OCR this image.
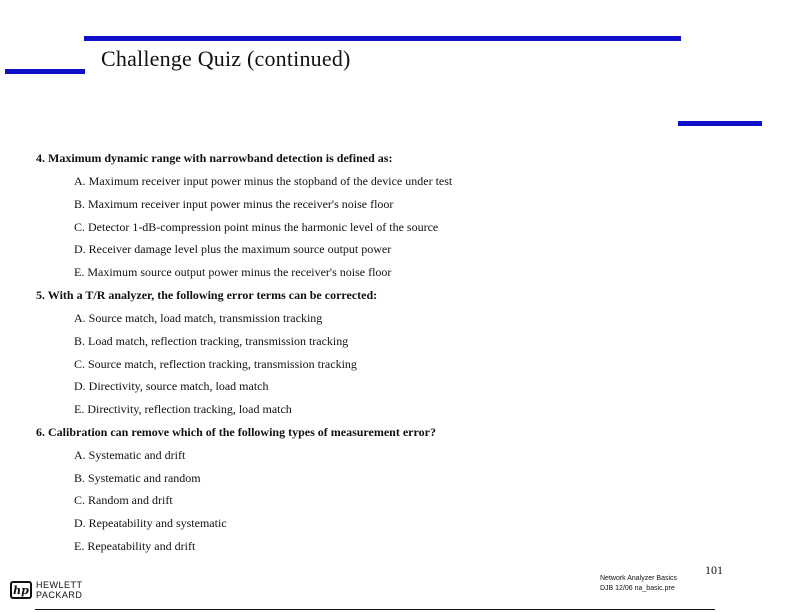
Challenge Quiz (continued)
4. Maximum dynamic range with narrowband detection is defined as:
A. Maximum receiver input power minus the stopband of the device under test
B. Maximum receiver input power minus the receiver's noise floor
C. Detector 1-dB-compression point minus the harmonic level of the source
D. Receiver damage level plus the maximum source output power
E. Maximum source output power minus the receiver's noise floor
5. With a T/R analyzer, the following error terms can be corrected:
A. Source match, load match, transmission tracking
B. Load match, reflection tracking, transmission tracking
C. Source match, reflection tracking, transmission tracking
D. Directivity, source match, load match
E. Directivity, reflection tracking, load match
6. Calibration can remove which of the following types of measurement error?
A. Systematic and drift
B. Systematic and random
C. Random and drift
D. Repeatability and systematic
E. Repeatability and drift
hp HEWLETT
PACKARD
Network Analyzer Basics
DJB 12/06 na_basic.pre
101
